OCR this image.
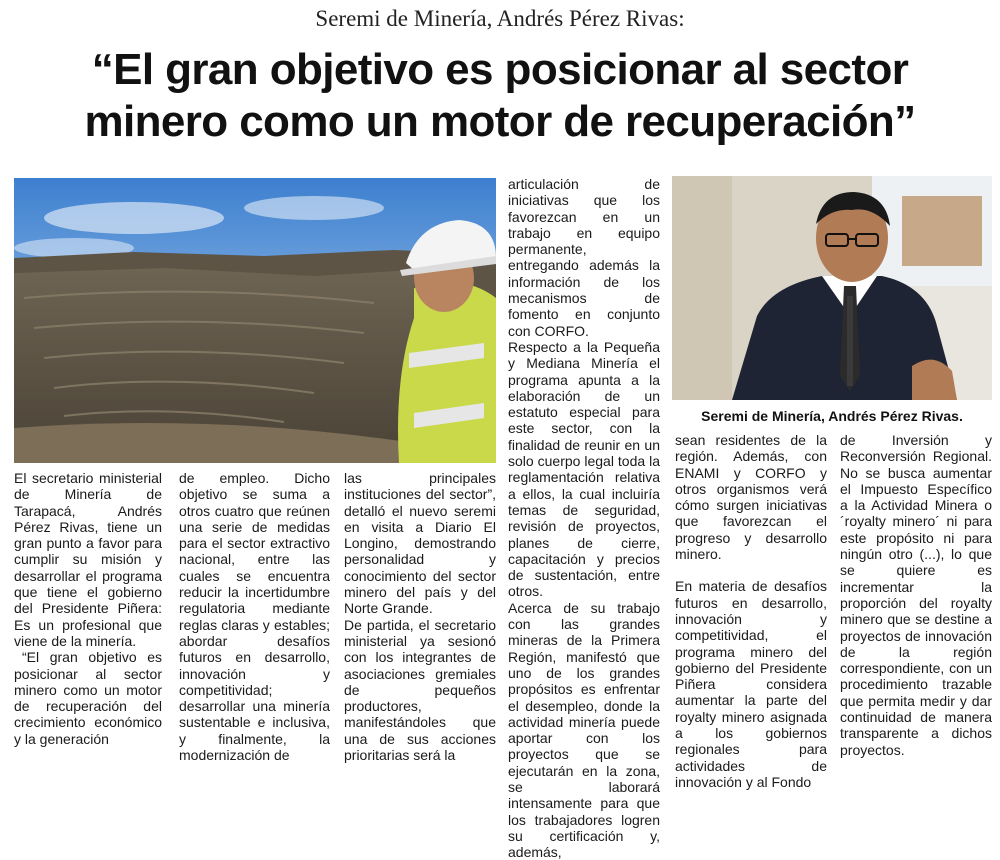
Seremi de Minería, Andrés Pérez Rivas:
“El gran objetivo es posicionar al sector
minero como un motor de recuperación”
Seremi de Minería, Andrés Pérez Rivas.

El secretario ministerial de Minería de Tarapacá, Andrés Pérez Rivas, tiene un gran punto a favor para cumplir su misión y desarrollar el programa que tiene el gobierno del Presidente Piñera: Es un profesional que viene de la minería.

“El gran objetivo es posicionar al sector minero como un motor de recuperación del crecimiento económico y la generación

de empleo. Dicho objetivo se suma a otros cuatro que reúnen una serie de medidas para el sector extractivo nacional, entre las cuales se encuentra reducir la incertidumbre regulatoria mediante reglas claras y estables; abordar desafíos futuros en desarrollo, innovación y competitividad; desarrollar una minería sustentable e inclusiva, y finalmente, la modernización de

las principales instituciones del sector”, detalló el nuevo seremi en visita a Diario El Longino, demostrando personalidad y conocimiento del sector minero del país y del Norte Grande.

De partida, el secretario ministerial ya sesionó con los integrantes de asociaciones gremiales de pequeños productores, manifestándoles que una de sus acciones prioritarias será la

articulación de iniciativas que los favorezcan en un trabajo en equipo permanente, entregando además la información de los mecanismos de fomento en conjunto con CORFO.

Respecto a la Pequeña y Mediana Minería el programa apunta a la elaboración de un estatuto especial para este sector, con la finalidad de reunir en un solo cuerpo legal toda la reglamentación relativa a ellos, la cual incluiría temas de seguridad, revisión de proyectos, planes de cierre, capacitación y precios de sustentación, entre otros.

Acerca de su trabajo con las grandes mineras de la Primera Región, manifestó que uno de los grandes propósitos es enfrentar el desempleo, donde la actividad minería puede aportar con los proyectos que se ejecutarán en la zona, se laborará intensamente para que los trabajadores logren su certificación y, además,

sean residentes de la región. Además, con ENAMI y CORFO y otros organismos verá cómo surgen iniciativas que favorezcan el progreso y desarrollo minero.

En materia de desafíos futuros en desarrollo, innovación y competitividad, el programa minero del gobierno del Presidente Piñera considera aumentar la parte del royalty minero asignada a los gobiernos regionales para actividades de innovación y al Fondo

de Inversión y Reconversión Regional. No se busca aumentar el Impuesto Específico a la Actividad Minera o ´royalty minero´ ni para este propósito ni para ningún otro (...), lo que se quiere es incrementar la proporción del royalty minero que se destine a proyectos de innovación de la región correspondiente, con un procedimiento trazable que permita medir y dar continuidad de manera transparente a dichos proyectos.
